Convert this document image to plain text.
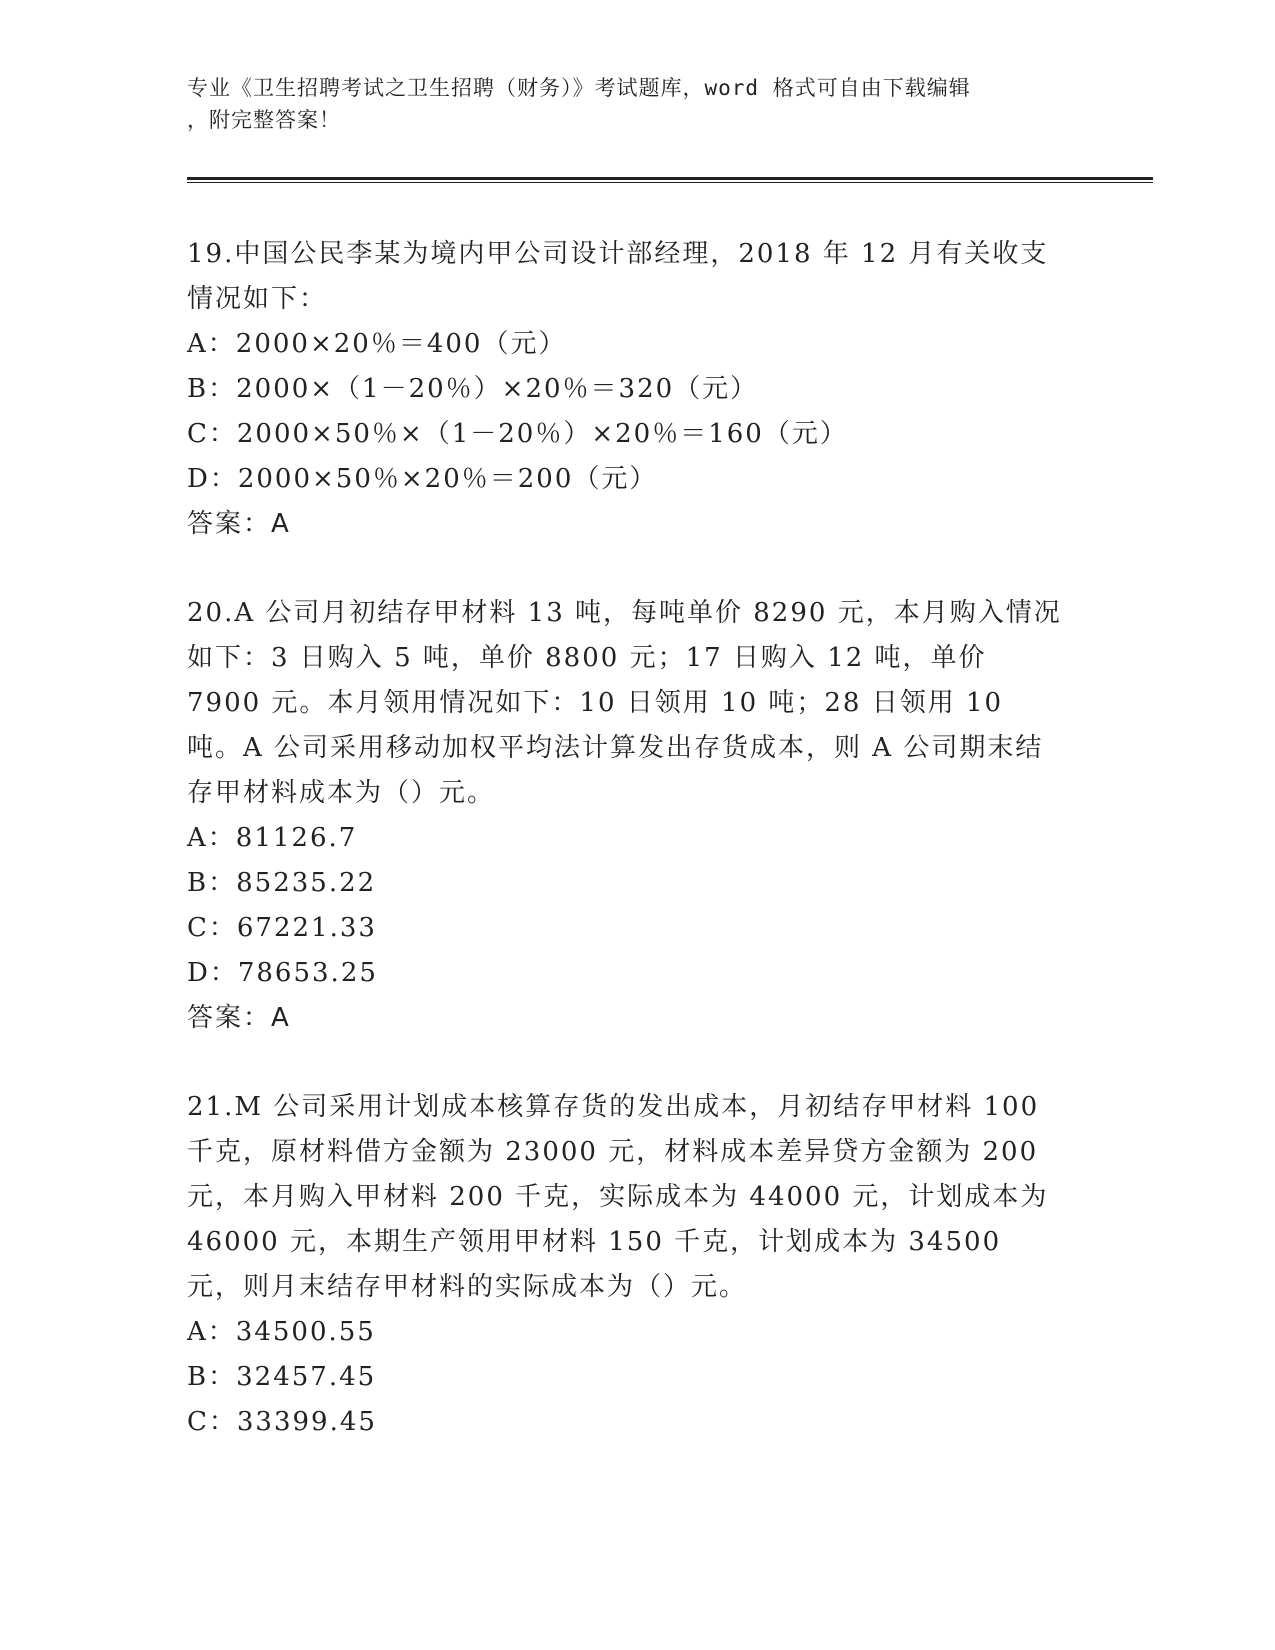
专业《卫生招聘考试之卫生招聘（财务）》考试题库，word 格式可自由下载编辑
，附完整答案！

19.中国公民李某为境内甲公司设计部经理，2018 年 12 月有关收支情况如下：

A：2000×20％＝400（元）

B：2000×（1－20％）×20％＝320（元）

C：2000×50％×（1－20％）×20％＝160（元）

D：2000×50％×20％＝200（元）

答案：A

20.A 公司月初结存甲材料 13 吨，每吨单价 8290 元，本月购入情况如下：3 日购入 5 吨，单价 8800 元；17 日购入 12 吨，单价 7900 元。本月领用情况如下：10 日领用 10 吨；28 日领用 10 吨。A 公司采用移动加权平均法计算发出存货成本，则 A 公司期末结存甲材料成本为（）元。

A：81126.7

B：85235.22

C：67221.33

D：78653.25

答案：A

21.M 公司采用计划成本核算存货的发出成本，月初结存甲材料 100 千克，原材料借方金额为 23000 元，材料成本差异贷方金额为 200 元，本月购入甲材料 200 千克，实际成本为 44000 元，计划成本为 46000 元，本期生产领用甲材料 150 千克，计划成本为 34500 元，则月末结存甲材料的实际成本为（）元。

A：34500.55

B：32457.45

C：33399.45
